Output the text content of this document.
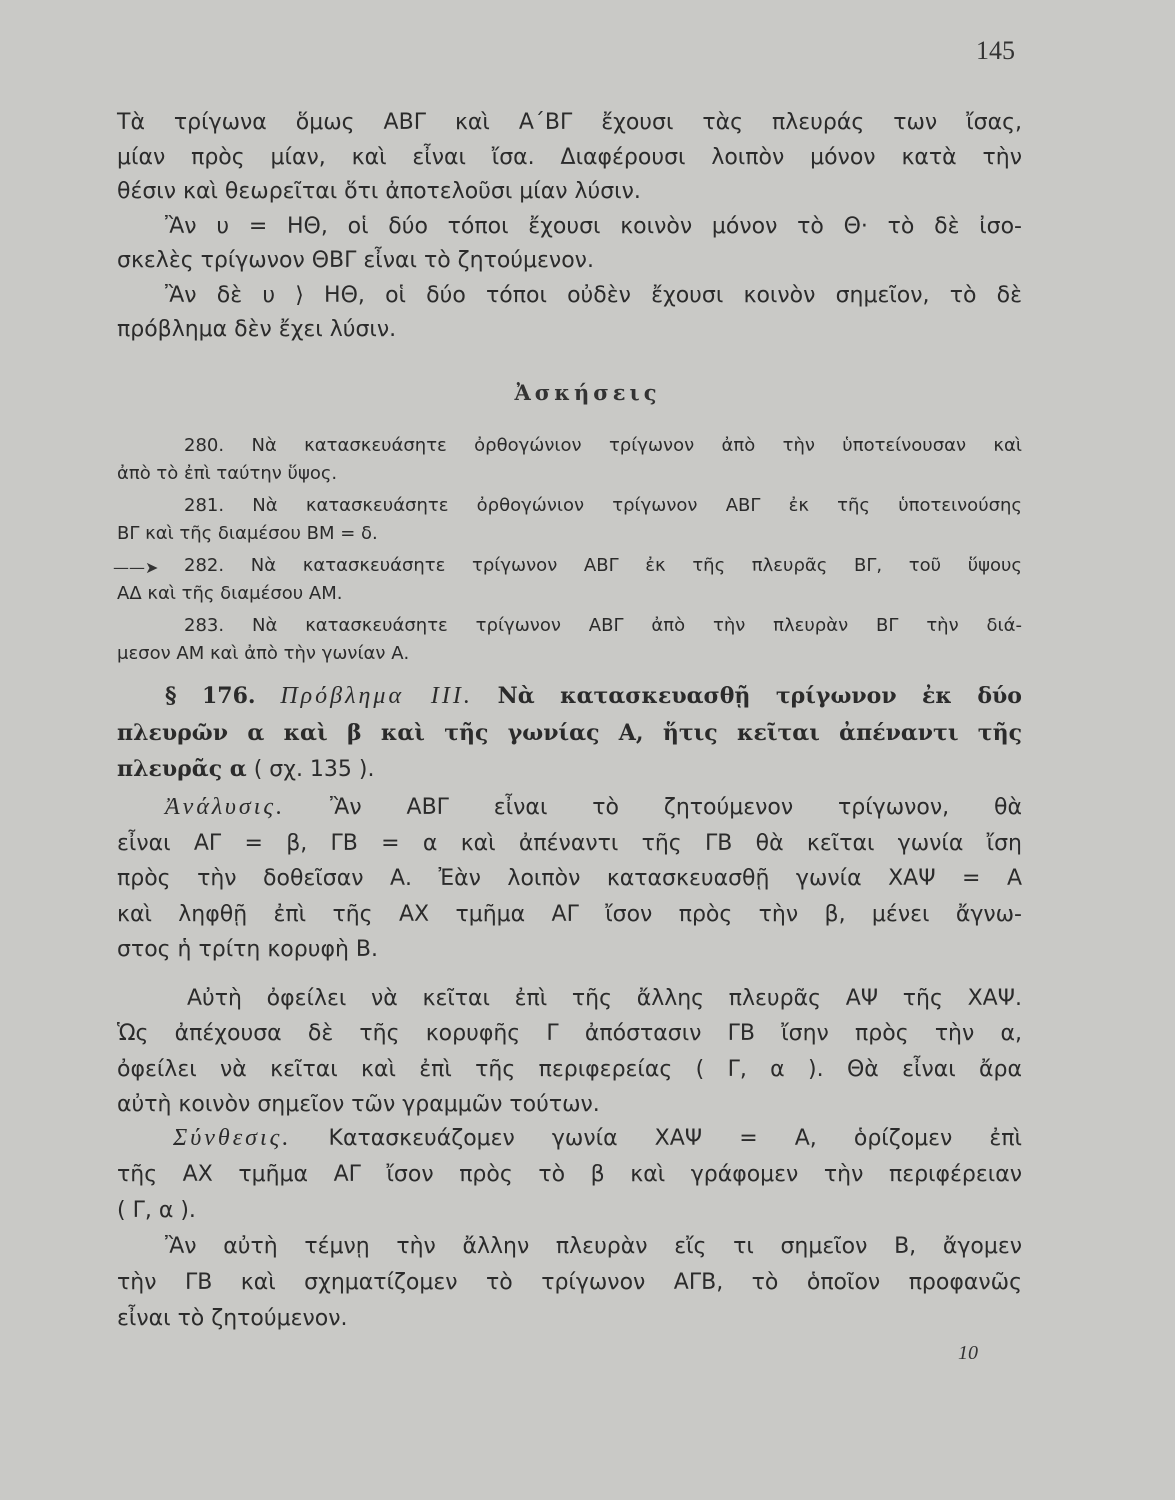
145

Τὰ τρίγωνα ὅμως ΑΒΓ καὶ Α΄ΒΓ ἔχουσι τὰς πλευράς των ἴσας,
μίαν πρὸς μίαν, καὶ εἶναι ἴσα. Διαφέρουσι λοιπὸν μόνον κατὰ τὴν
θέσιν καὶ θεωρεῖται ὅτι ἀποτελοῦσι μίαν λύσιν.

Ἂν υ = ΗΘ, οἱ δύο τόποι ἔχουσι κοινὸν μόνον τὸ Θ· τὸ δὲ ἰσο-

σκελὲς τρίγωνον ΘΒΓ εἶναι τὸ ζητούμενον.

Ἂν δὲ υ ⟩ ΗΘ, οἱ δύο τόποι οὐδὲν ἔχουσι κοινὸν σημεῖον, τὸ δὲ

πρόβλημα δὲν ἔχει λύσιν.

Ἀσκήσεις
280. Νὰ κατασκευάσητε ὀρθογώνιον τρίγωνον ἀπὸ τὴν ὑποτείνουσαν καὶ
ἀπὸ τὸ ἐπὶ ταύτην ὕψος.
281. Νὰ κατασκευάσητε ὀρθογώνιον τρίγωνον ΑΒΓ ἐκ τῆς ὑποτεινούσης
ΒΓ καὶ τῆς διαμέσου ΒΜ = δ.
——➤	282. Νὰ κατασκευάσητε τρίγωνον ΑΒΓ ἐκ τῆς πλευρᾶς ΒΓ, τοῦ ὕψους
ΑΔ καὶ τῆς διαμέσου ΑΜ.
283. Νὰ κατασκευάσητε τρίγωνον ΑΒΓ ἀπὸ τὴν πλευρὰν ΒΓ τὴν διά-
μεσον ΑΜ καὶ ἀπὸ τὴν γωνίαν Α.
§ 176. Πρόβλημα ΙΙΙ. Νὰ κατασκευασθῇ τρίγωνον ἐκ δύο
πλευρῶν α καὶ β καὶ τῆς γωνίας Α, ἥτις κεῖται ἀπέναντι τῆς
πλευρᾶς α ( σχ. 135 ).
Ἀνάλυσις. Ἂν ΑΒΓ εἶναι τὸ ζητούμενον τρίγωνον, θὰ
εἶναι ΑΓ = β, ΓΒ = α καὶ ἀπέναντι τῆς ΓΒ θὰ κεῖται γωνία ἴση
πρὸς τὴν δοθεῖσαν Α. Ἐὰν λοιπὸν κατασκευασθῇ γωνία ΧΑΨ = Α
καὶ ληφθῇ ἐπὶ τῆς ΑΧ τμῆμα ΑΓ ἴσον πρὸς τὴν β, μένει ἄγνω-
στος ἡ τρίτη κορυφὴ Β.
Αὐτὴ ὀφείλει νὰ κεῖται ἐπὶ τῆς ἄλλης πλευρᾶς ΑΨ τῆς ΧΑΨ.
Ὡς ἀπέχουσα δὲ τῆς κορυφῆς Γ ἀπόστασιν ΓΒ ἴσην πρὸς τὴν α,
ὀφείλει νὰ κεῖται καὶ ἐπὶ τῆς περιφερείας ( Γ, α ). Θὰ εἶναι ἄρα
αὐτὴ κοινὸν σημεῖον τῶν γραμμῶν τούτων.
Σύνθεσις. Κατασκευάζομεν γωνία ΧΑΨ = Α, ὁρίζομεν ἐπὶ
τῆς ΑΧ τμῆμα ΑΓ ἴσον πρὸς τὸ β καὶ γράφομεν τὴν περιφέρειαν
( Γ, α ).
Ἂν αὐτὴ τέμνῃ τὴν ἄλλην πλευρὰν εἴς τι σημεῖον Β, ἄγομεν
τὴν ΓΒ καὶ σχηματίζομεν τὸ τρίγωνον ΑΓΒ, τὸ ὁποῖον προφανῶς
εἶναι τὸ ζητούμενον.
10
